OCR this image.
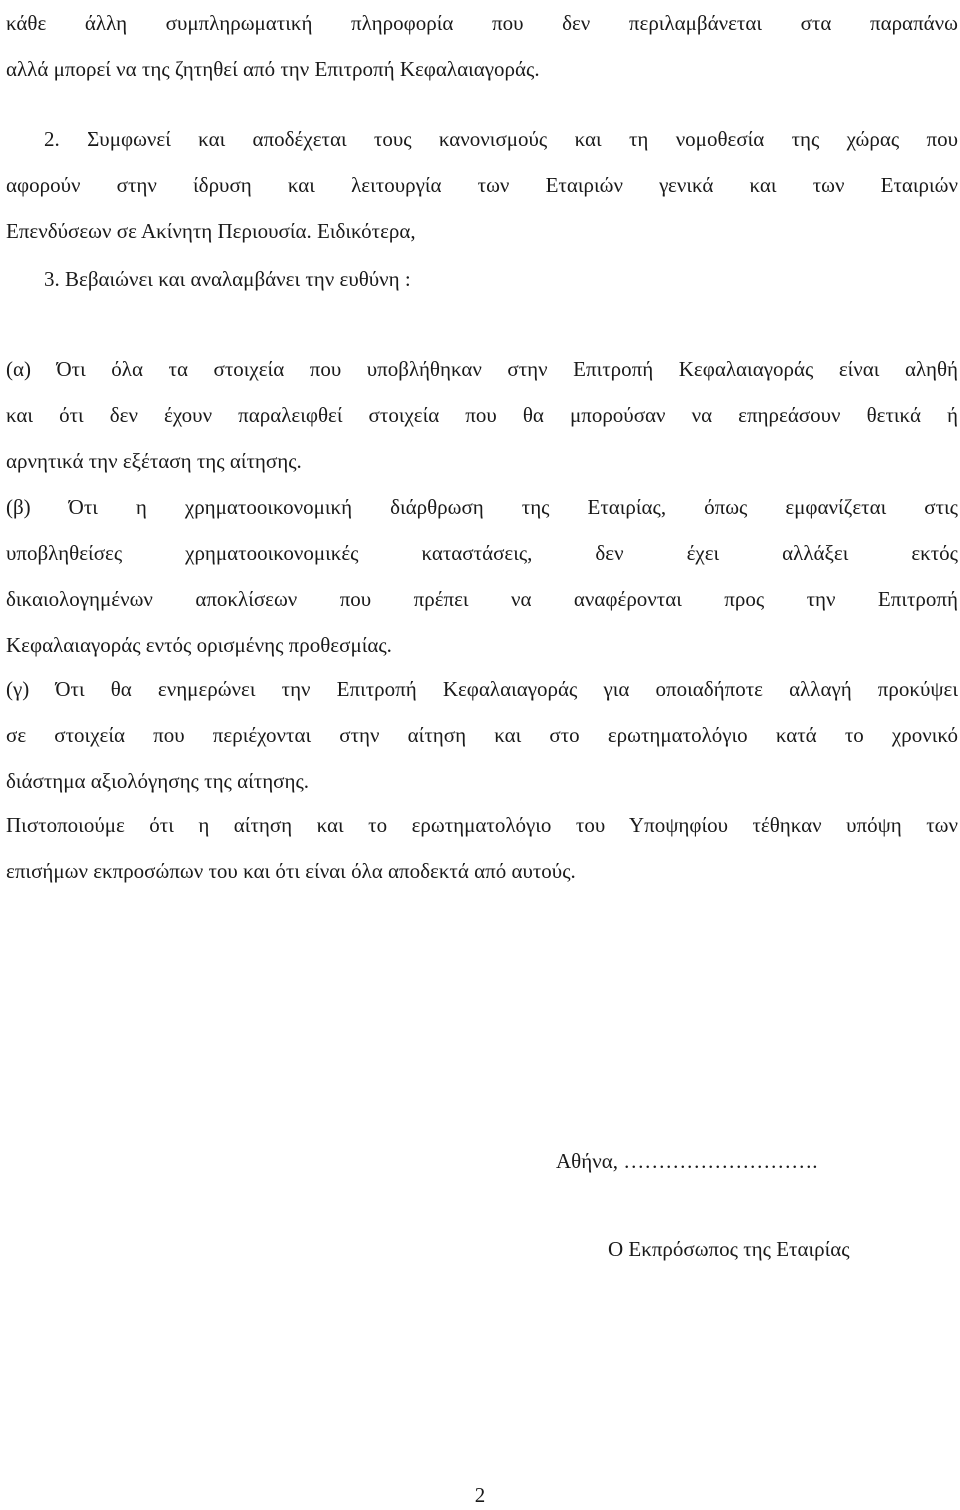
κάθε άλλη συμπληρωματική πληροφορία που δεν περιλαμβάνεται στα παραπάνω
αλλά μπορεί να της ζητηθεί από την Επιτροπή Κεφαλαιαγοράς.
2. Συμφωνεί και αποδέχεται τους κανονισμούς και τη νομοθεσία της χώρας που
αφορούν στην ίδρυση και λειτουργία των Εταιριών γενικά και των Εταιριών
Επενδύσεων σε Ακίνητη Περιουσία. Ειδικότερα,
3. Βεβαιώνει και αναλαμβάνει την ευθύνη :
(α) Ότι όλα τα στοιχεία που υποβλήθηκαν στην Επιτροπή Κεφαλαιαγοράς είναι αληθή
και ότι δεν έχουν παραλειφθεί στοιχεία που θα μπορούσαν να επηρεάσουν θετικά ή
αρνητικά την εξέταση της αίτησης.
(β) Ότι η χρηματοοικονομική διάρθρωση της Εταιρίας, όπως εμφανίζεται στις
υποβληθείσες χρηματοοικονομικές καταστάσεις, δεν έχει αλλάξει εκτός
δικαιολογημένων αποκλίσεων που πρέπει να αναφέρονται προς την Επιτροπή
Κεφαλαιαγοράς εντός ορισμένης προθεσμίας.
(γ) Ότι θα ενημερώνει την Επιτροπή Κεφαλαιαγοράς για οποιαδήποτε αλλαγή προκύψει
σε στοιχεία που περιέχονται στην αίτηση και στο ερωτηματολόγιο κατά το χρονικό
διάστημα αξιολόγησης της αίτησης.
Πιστοποιούμε ότι η αίτηση και το ερωτηματολόγιο του Υποψηφίου τέθηκαν υπόψη των
επισήμων εκπροσώπων του και ότι είναι όλα αποδεκτά από αυτούς.
Αθήνα, ……………………….
Ο Εκπρόσωπος της Εταιρίας
2
